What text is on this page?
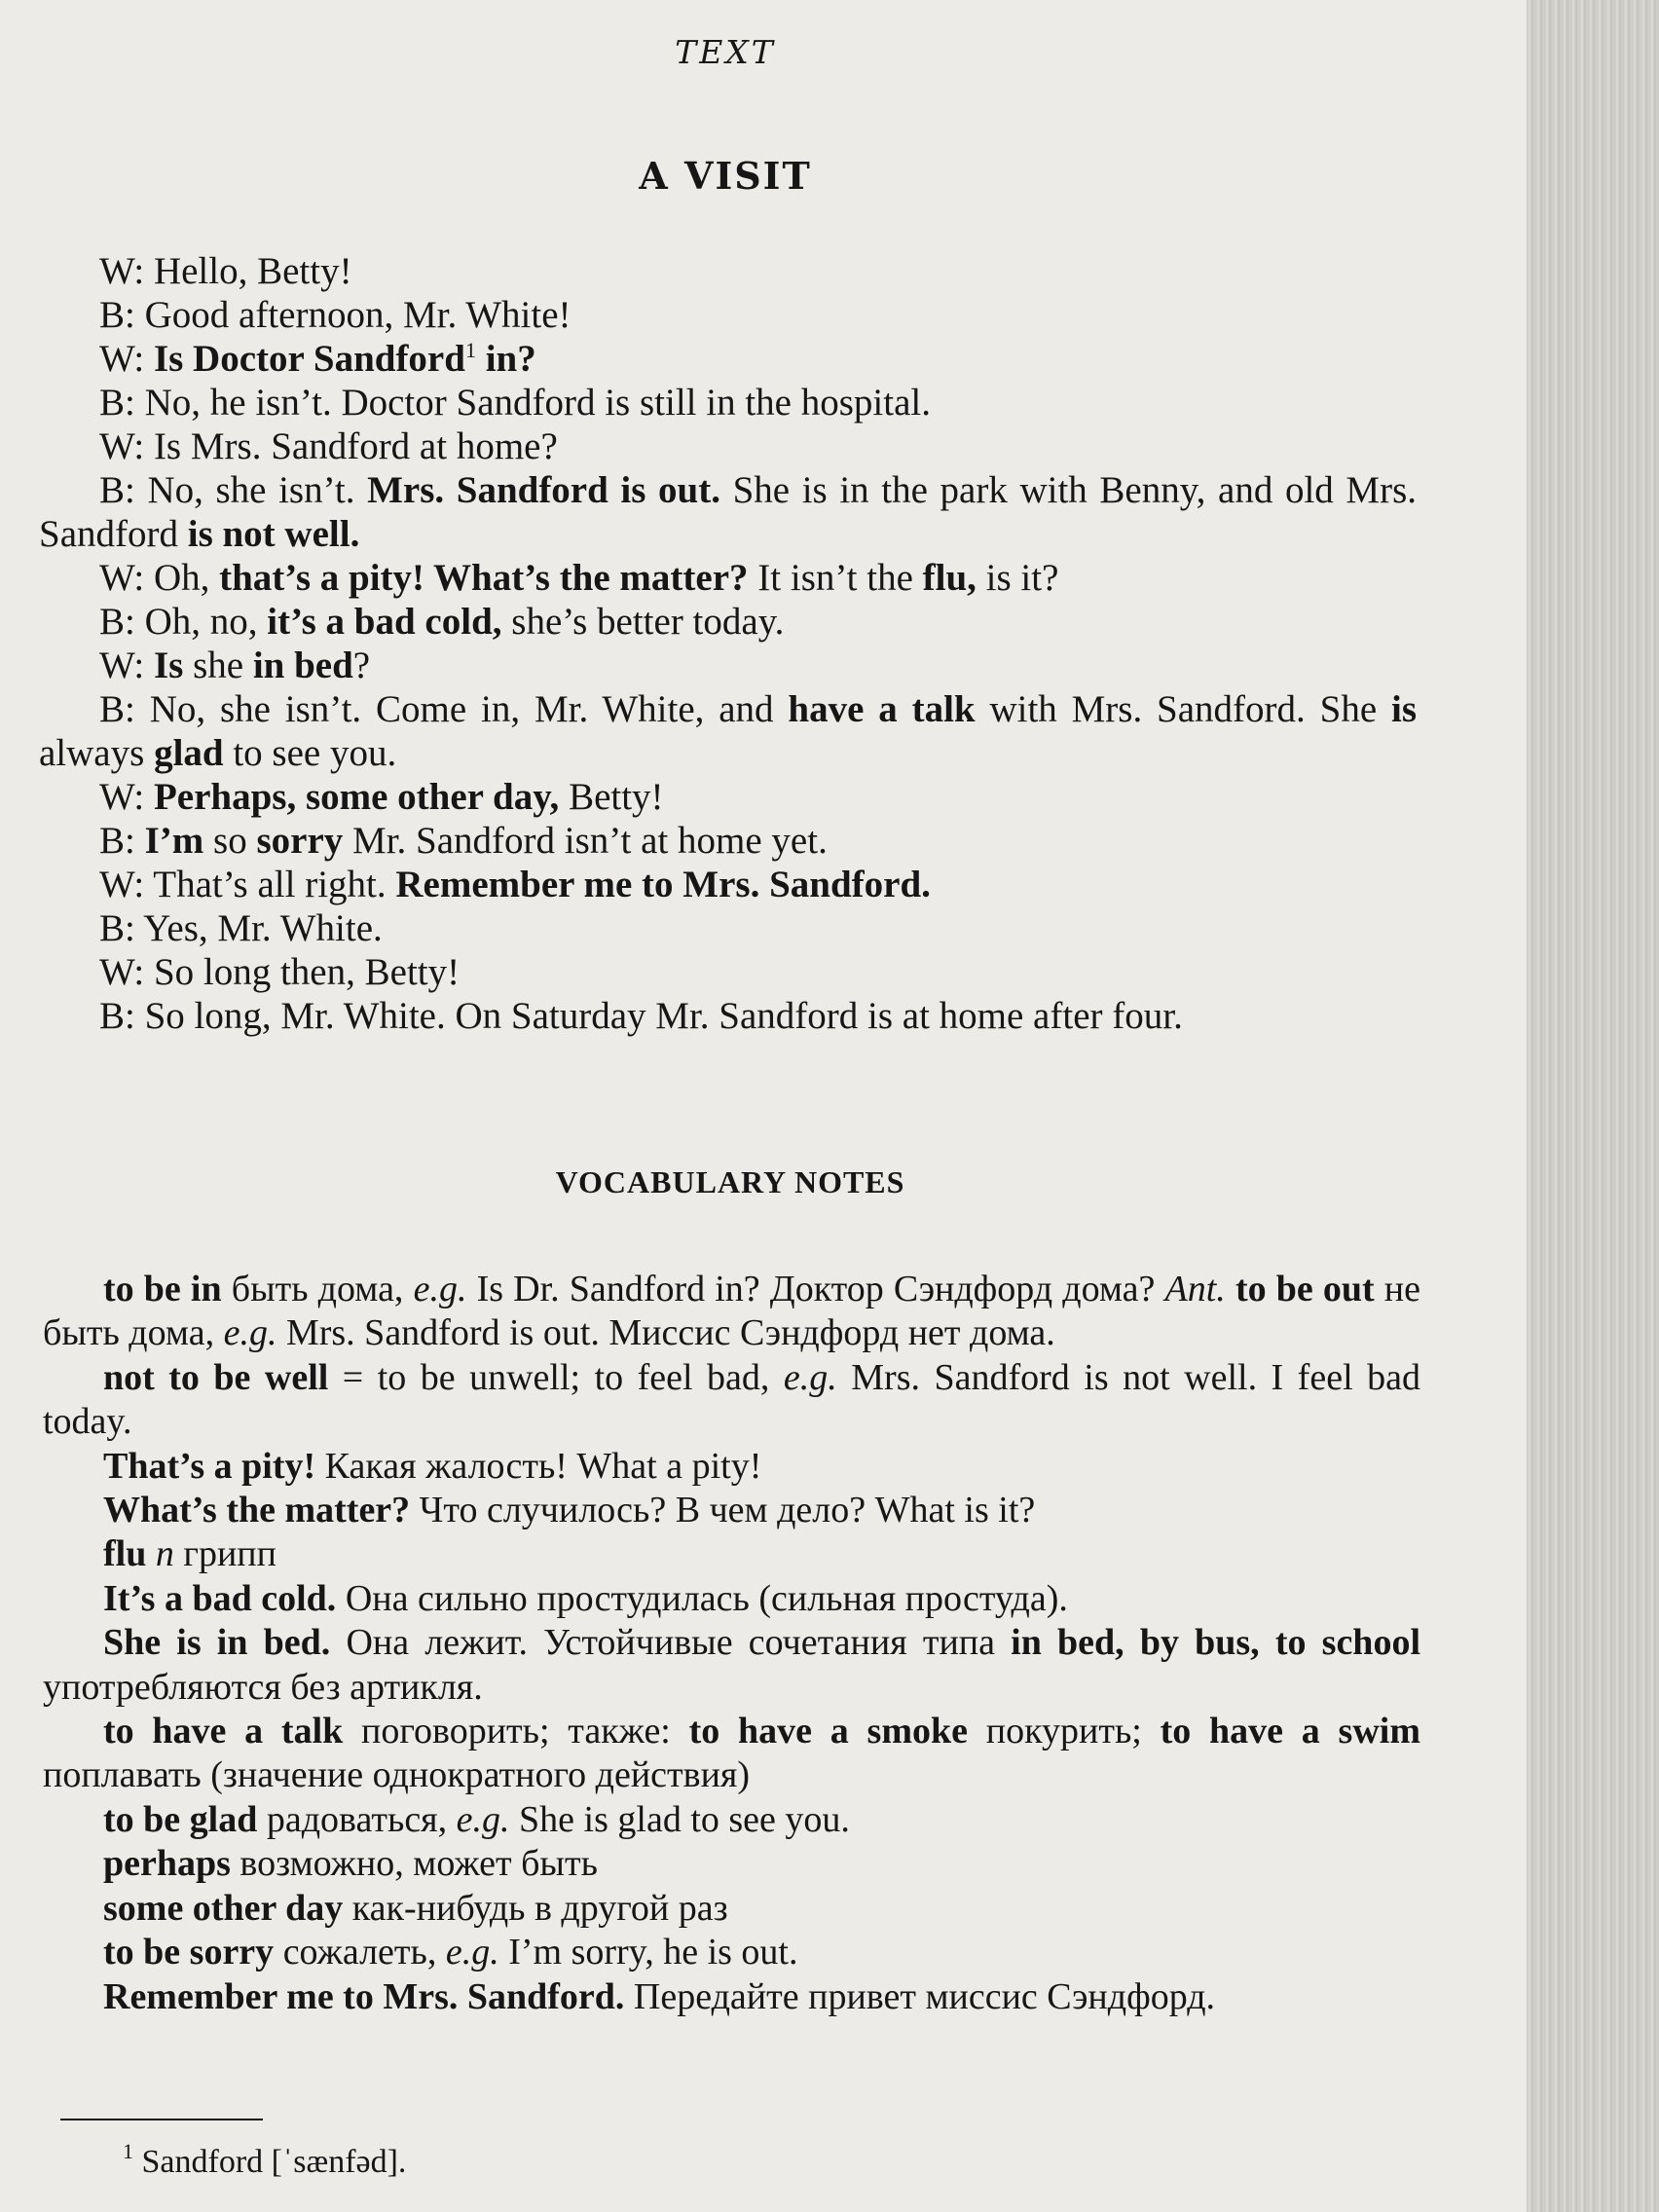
TEXT
A VISIT

W: Hello, Betty!

B: Good afternoon, Mr. White!

W: Is Doctor Sandford$^1$ in?

B: No, he isn’t. Doctor Sandford is still in the hospital.

W: Is Mrs. Sandford at home?

B: No, she isn’t. Mrs. Sandford is out. She is in the park with Benny, and old Mrs. Sandford is not well.

W: Oh, that’s a pity! What’s the matter? It isn’t the flu, is it?

B: Oh, no, it’s a bad cold, she’s better today.

W: Is she in bed?

B: No, she isn’t. Come in, Mr. White, and have a talk with Mrs. Sandford. She is always glad to see you.

W: Perhaps, some other day, Betty!

B: I’m so sorry Mr. Sandford isn’t at home yet.

W: That’s all right. Remember me to Mrs. Sandford.

B: Yes, Mr. White.

W: So long then, Betty!

B: So long, Mr. White. On Saturday Mr. Sandford is at home after four.

VOCABULARY NOTES

to be in быть дома, e.g. Is Dr. Sandford in? Доктор Сэндфорд дома? Ant. to be out не быть дома, e.g. Mrs. Sandford is out. Миссис Сэндфорд нет дома.

not to be well = to be unwell; to feel bad, e.g. Mrs. Sandford is not well. I feel bad today.

That’s a pity! Какая жалость! What a pity!

What’s the matter? Что случилось? В чем дело? What is it?

flu n грипп

It’s a bad cold. Она сильно простудилась (сильная простуда).

She is in bed. Она лежит. Устойчивые сочетания типа in bed, by bus, to school употребляются без артикля.

to have a talk поговорить; также: to have a smoke покурить; to have a swim поплавать (значение однократного действия)

to be glad радоваться, e.g. She is glad to see you.

perhaps возможно, может быть

some other day как-нибудь в другой раз

to be sorry сожалеть, e.g. I’m sorry, he is out.

Remember me to Mrs. Sandford. Передайте привет миссис Сэндфорд.

$^1$ Sandford [ˈsænfəd].
